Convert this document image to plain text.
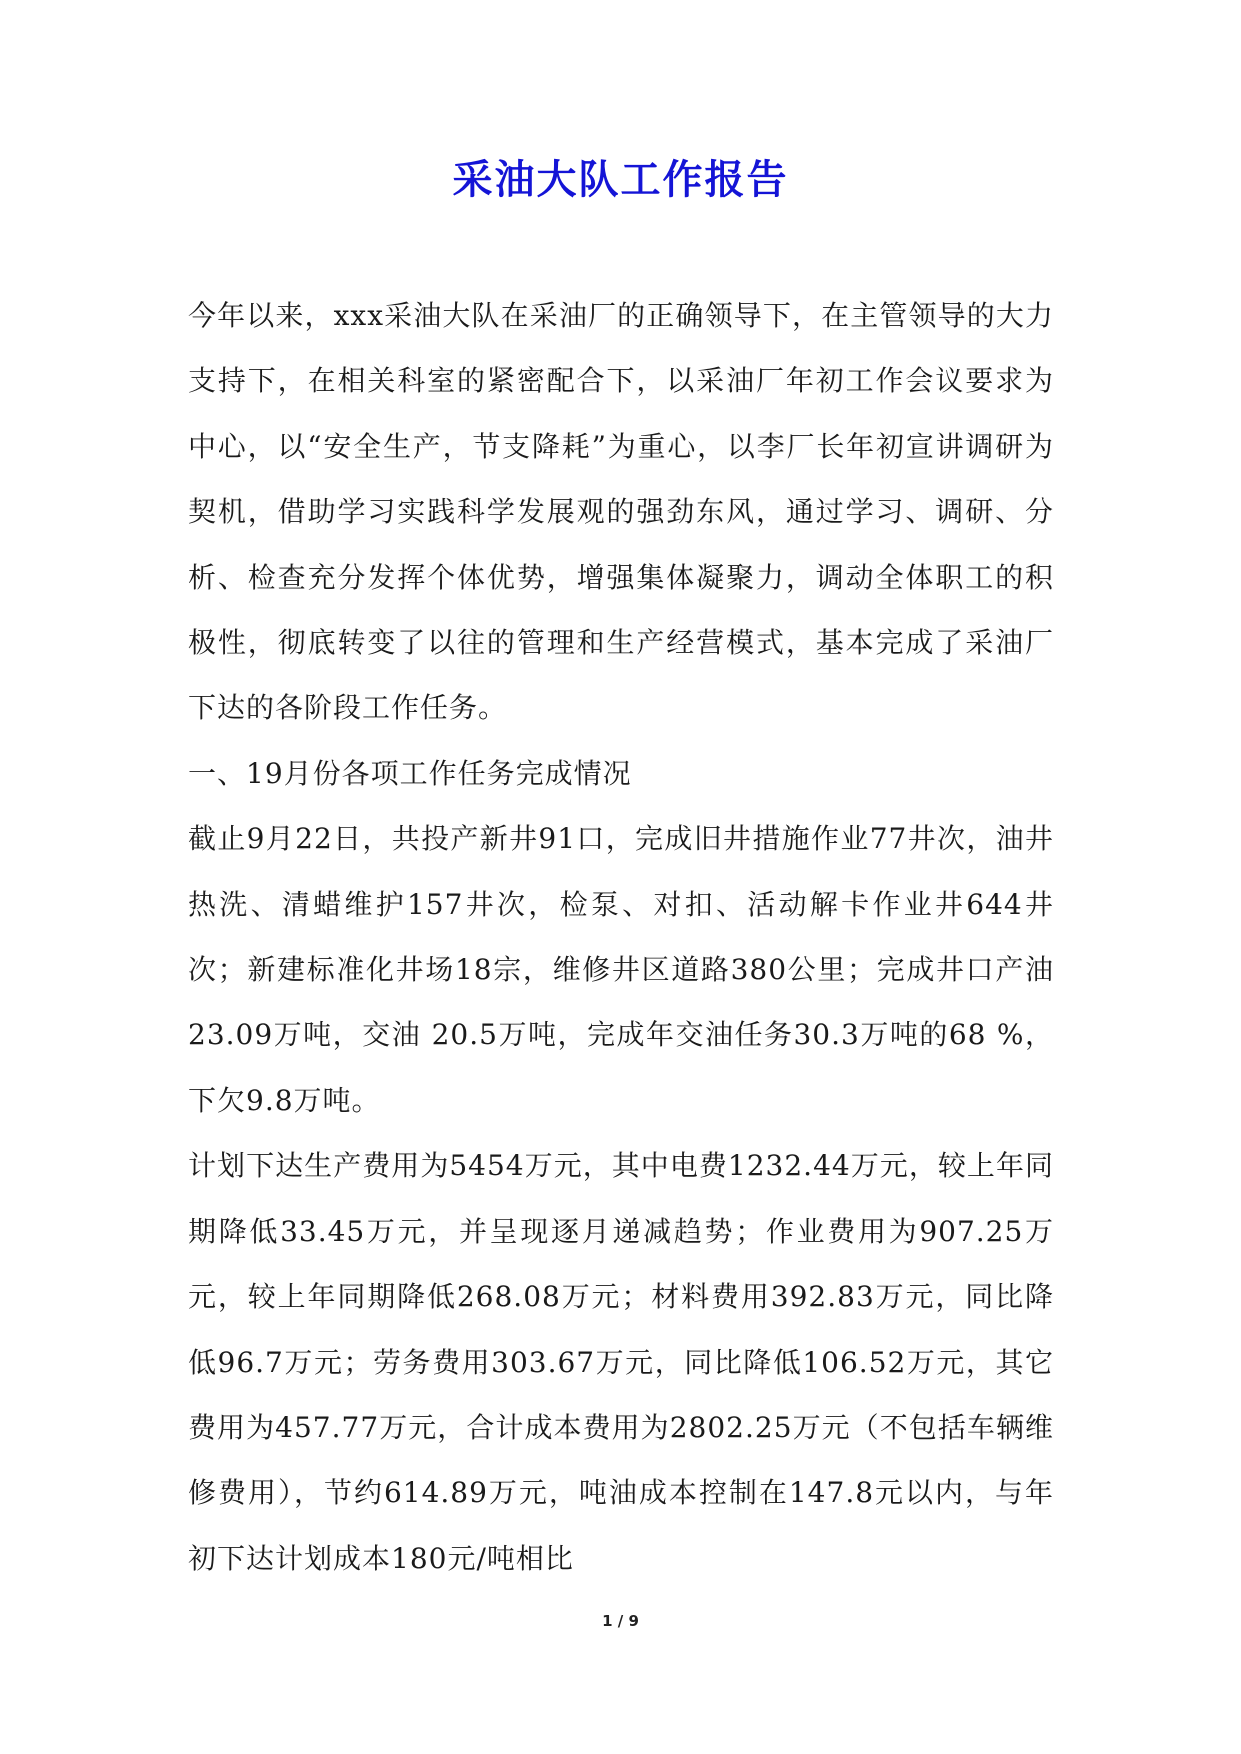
采油大队工作报告

今年以来，xxx采油大队在采油厂的正确领导下，在主管领导的大力支持下，在相关科室的紧密配合下，以采油厂年初工作会议要求为中心，以“安全生产，节支降耗”为重心，以李厂长年初宣讲调研为契机，借助学习实践科学发展观的强劲东风，通过学习、调研、分析、检查充分发挥个体优势，增强集体凝聚力，调动全体职工的积极性，彻底转变了以往的管理和生产经营模式，基本完成了采油厂下达的各阶段工作任务。

一、19月份各项工作任务完成情况

截止9月22日，共投产新井91口，完成旧井措施作业77井次，油井热洗、清蜡维护157井次，检泵、对扣、活动解卡作业井644井次；新建标准化井场18宗，维修井区道路380公里；完成井口产油23.09万吨，交油 20.5万吨，完成年交油任务30.3万吨的68 %，下欠9.8万吨。

计划下达生产费用为5454万元，其中电费1232.44万元，较上年同期降低33.45万元，并呈现逐月递减趋势；作业费用为907.25万元，较上年同期降低268.08万元；材料费用392.83万元，同比降低96.7万元；劳务费用303.67万元，同比降低106.52万元，其它费用为457.77万元，合计成本费用为2802.25万元（不包括车辆维修费用），节约614.89万元，吨油成本控制在147.8元以内，与年初下达计划成本180元/吨相比

1 / 9
